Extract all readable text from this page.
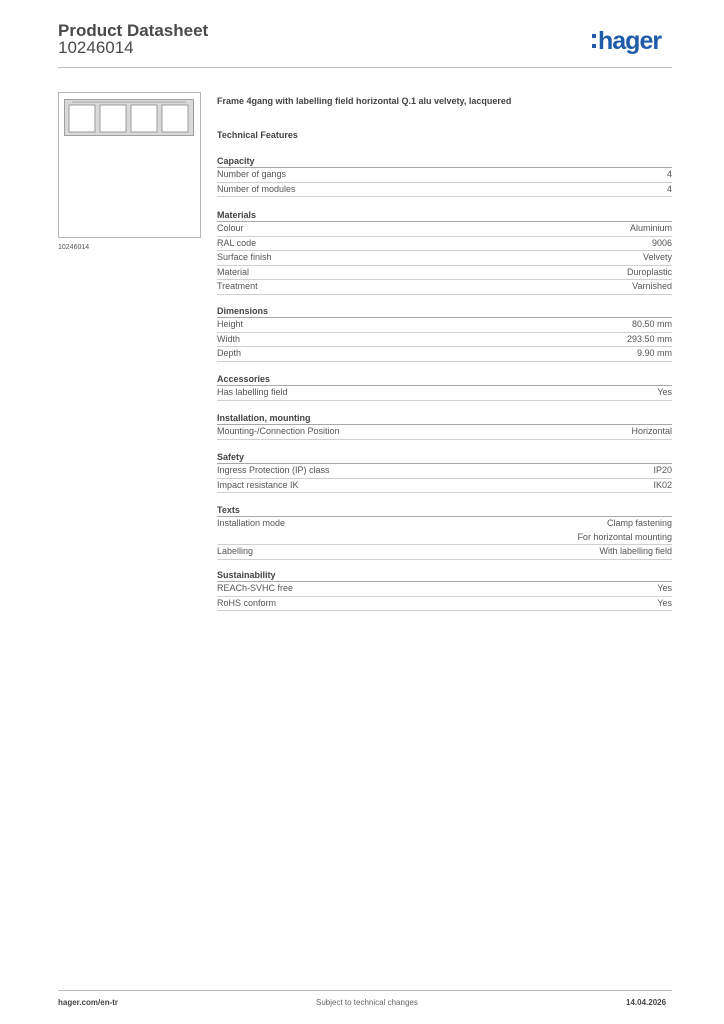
Product Datasheet
10246014	hager
10246014
Frame 4gang with labelling field horizontal Q.1 alu velvety, lacquered
Technical Features
Capacity
Number of gangs	4
Number of modules	4
Materials
Colour	Aluminium
RAL code	9006
Surface finish	Velvety
Material	Duroplastic
Treatment	Varnished
Dimensions
Height	80.50 mm
Width	293.50 mm
Depth	9.90 mm
Accessories
Has labelling field	Yes
Installation, mounting
Mounting-/Connection Position	Horizontal
Safety
Ingress Protection (IP) class	IP20
Impact resistance IK	IK02
Texts
Installation mode	Clamp fastening
For horizontal mounting
Labelling	With labelling field
Sustainability
REACh-SVHC free	Yes
RoHS conform	Yes
hager.com/en-tr	Subject to technical changes	14.04.2026
